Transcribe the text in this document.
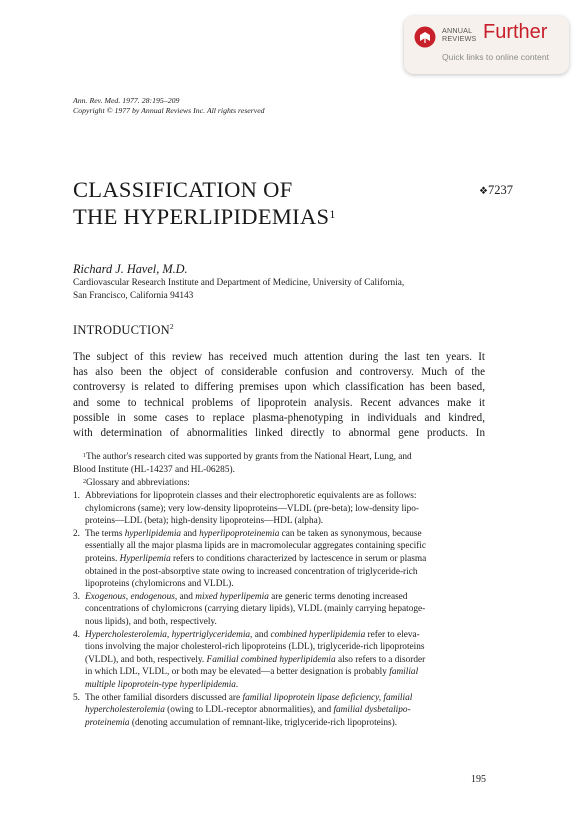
ANNUAL
REVIEWS Further
Quick links to online content
Ann. Rev. Med. 1977. 28:195–209
Copyright © 1977 by Annual Reviews Inc. All rights reserved
CLASSIFICATION OF
THE HYPERLIPIDEMIAS$^1$
❖7237
Richard J. Havel, M.D.
Cardiovascular Research Institute and Department of Medicine, University of California,
San Francisco, California 94143
INTRODUCTION$^2$
The subject of this review has received much attention during the last ten years. It
has also been the object of considerable confusion and controversy. Much of the
controversy is related to differing premises upon which classification has been based,
and some to technical problems of lipoprotein analysis. Recent advances make it
possible in some cases to replace plasma-phenotyping in individuals and kindred,
with determination of abnormalities linked directly to abnormal gene products. In
$^1$The author's research cited was supported by grants from the National Heart, Lung, and
Blood Institute (HL-14237 and HL-06285).
$^2$Glossary and abbreviations:
1. Abbreviations for lipoprotein classes and their electrophoretic equivalents are as follows:
chylomicrons (same); very low-density lipoproteins—VLDL (pre-beta); low-density lipo-
proteins—LDL (beta); high-density lipoproteins—HDL (alpha).
2. The terms hyperlipidemia and hyperlipoproteinemia can be taken as synonymous, because
essentially all the major plasma lipids are in macromolecular aggregates containing specific
proteins. Hyperlipemia refers to conditions characterized by lactescence in serum or plasma
obtained in the post-absorptive state owing to increased concentration of triglyceride-rich
lipoproteins (chylomicrons and VLDL).
3. Exogenous, endogenous, and mixed hyperlipemia are generic terms denoting increased
concentrations of chylomicrons (carrying dietary lipids), VLDL (mainly carrying hepatoge-
nous lipids), and both, respectively.
4. Hypercholesterolemia, hypertriglyceridemia, and combined hyperlipidemia refer to eleva-
tions involving the major cholesterol-rich lipoproteins (LDL), triglyceride-rich lipoproteins
(VLDL), and both, respectively. Familial combined hyperlipidemia also refers to a disorder
in which LDL, VLDL, or both may be elevated—a better designation is probably familial
multiple lipoprotein-type hyperlipidemia.
5. The other familial disorders discussed are familial lipoprotein lipase deficiency, familial
hypercholesterolemia (owing to LDL-receptor abnormalities), and familial dysbetalipo-
proteinemia (denoting accumulation of remnant-like, triglyceride-rich lipoproteins).
195
